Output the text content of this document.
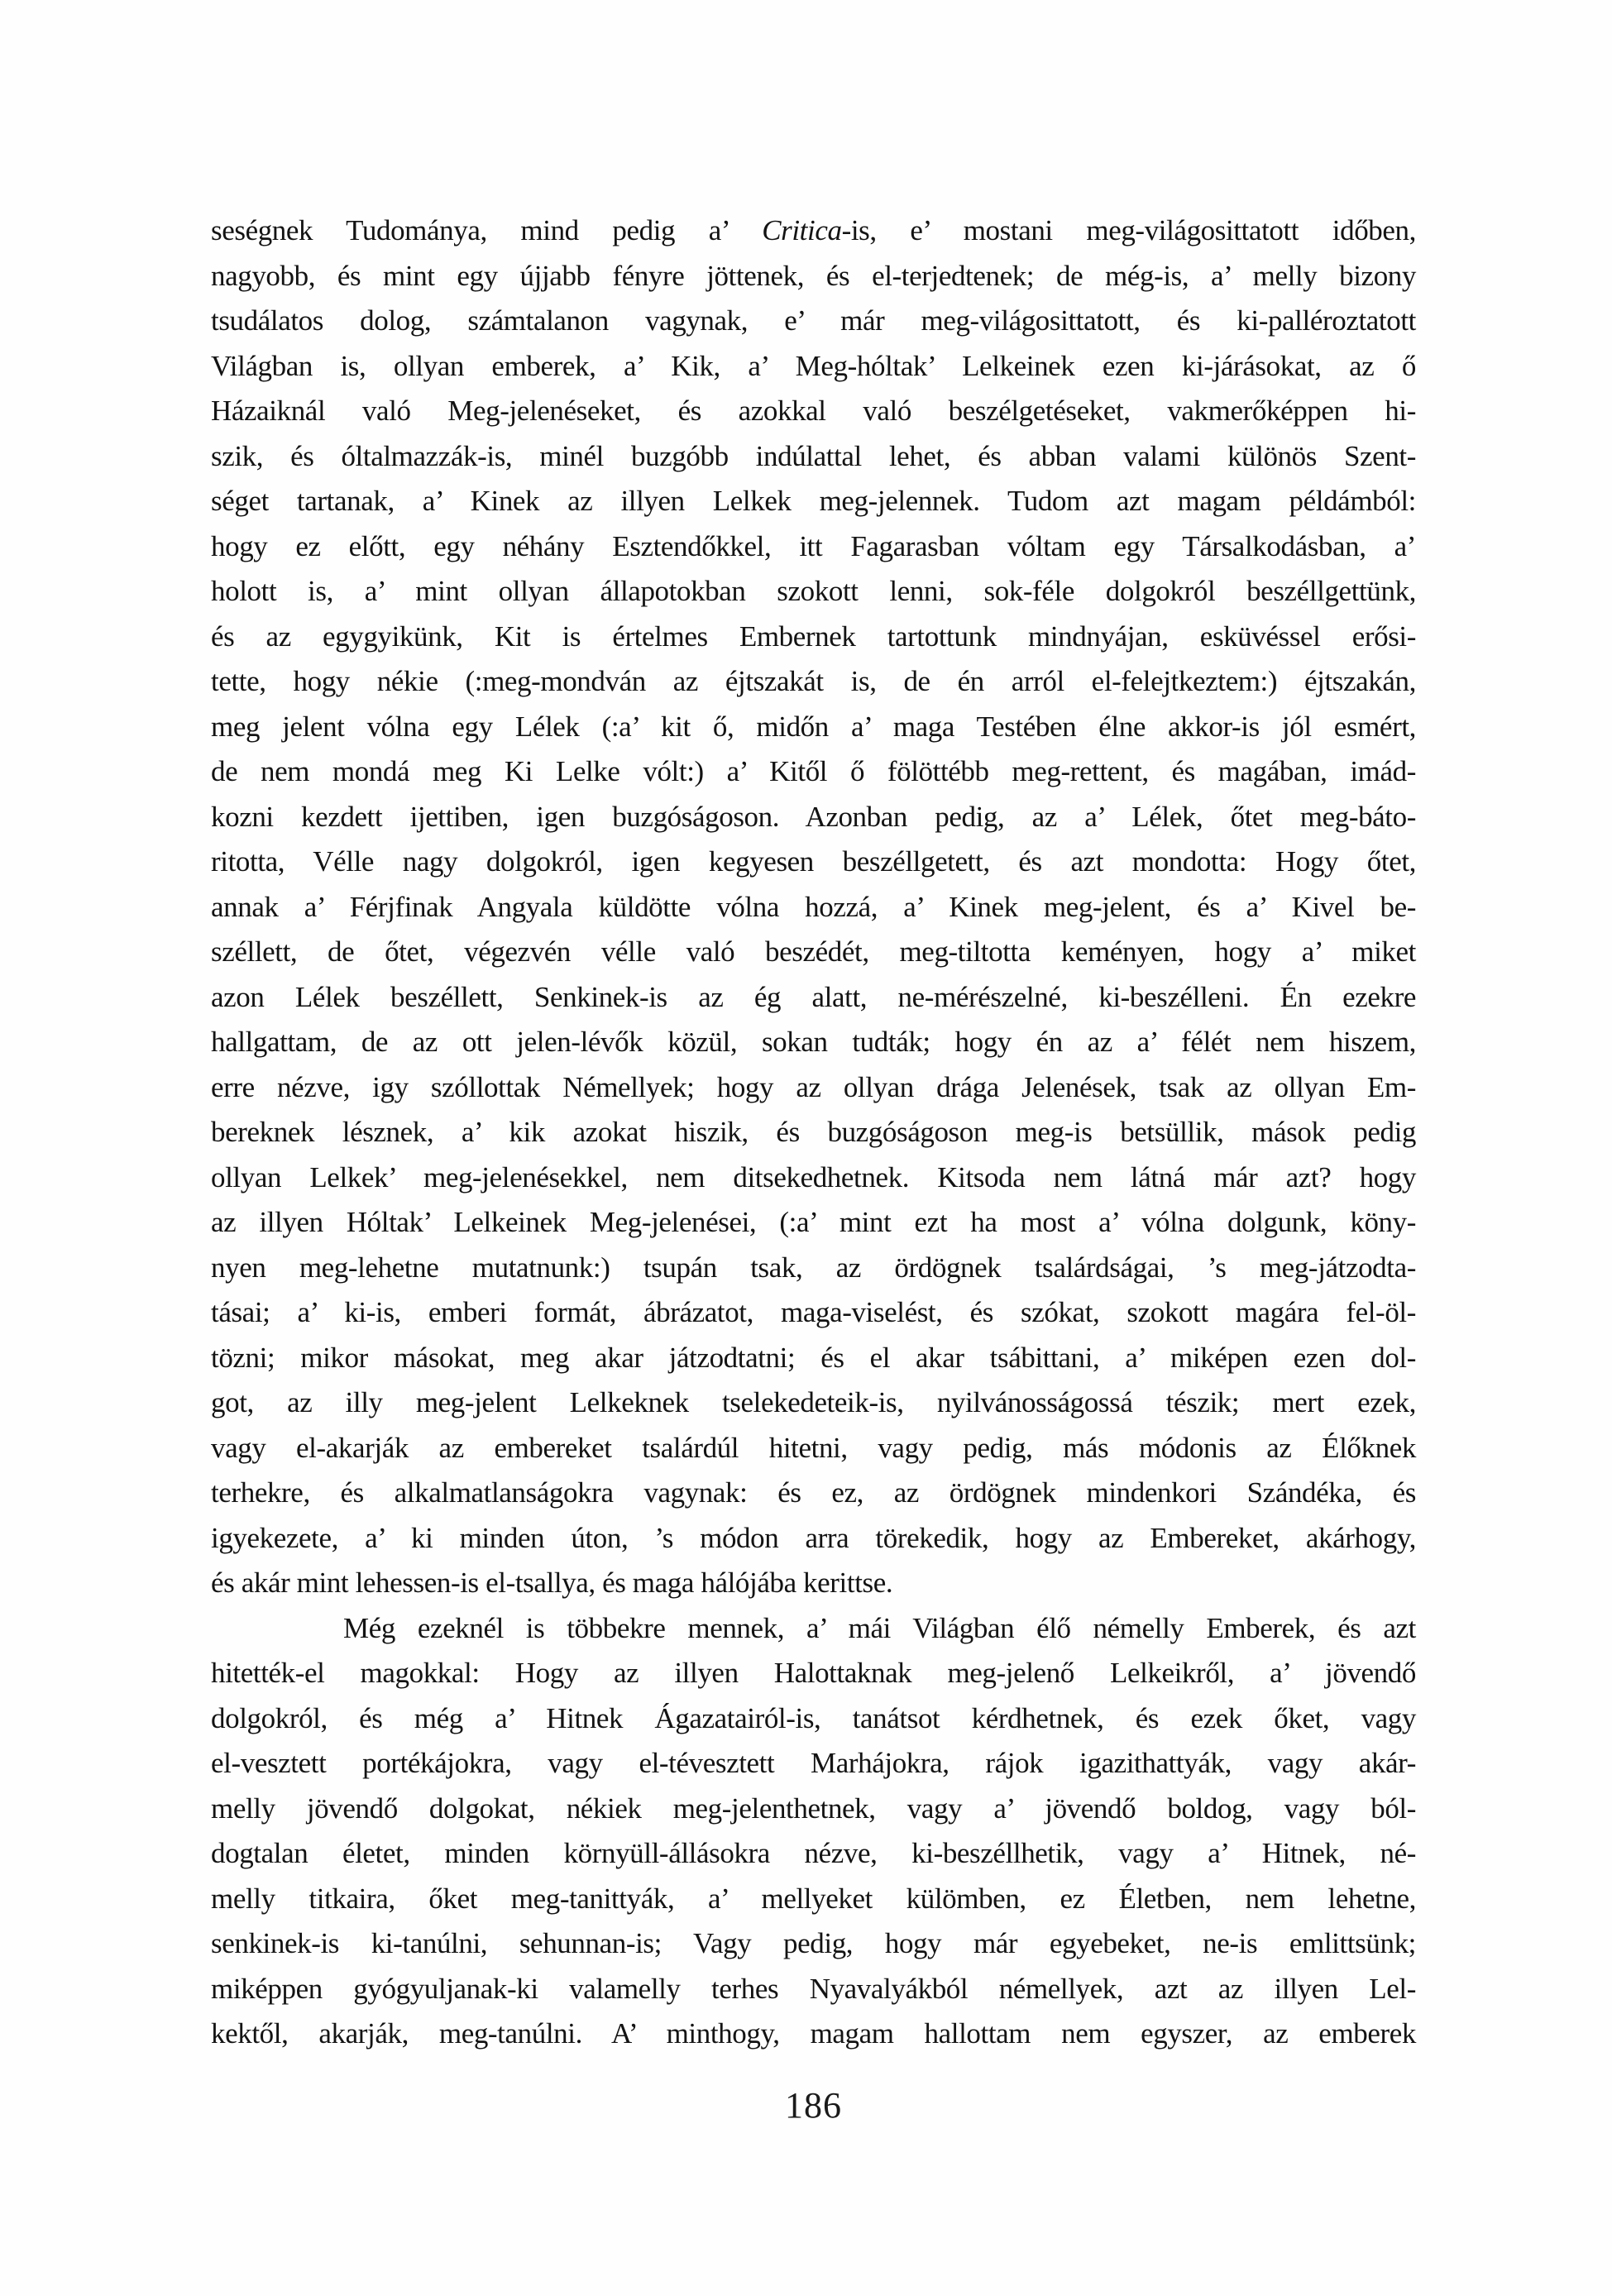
seségnek Tudománya, mind pedig a’ Critica-is, e’ mostani meg-világosittatott időben,
nagyobb, és mint egy újjabb fényre jöttenek, és el-terjedtenek; de még-is, a’ melly bizony
tsudálatos dolog, számtalanon vagynak, e’ már meg-világosittatott, és ki-palléroztatott
Világban is, ollyan emberek, a’ Kik, a’ Meg-hóltak’ Lelkeinek ezen ki-járásokat, az ő
Házaiknál való Meg-jelenéseket, és azokkal való beszélgetéseket, vakmerőképpen hi-
szik, és óltalmazzák-is, minél buzgóbb indúlattal lehet, és abban valami különös Szent-
séget tartanak, a’ Kinek az illyen Lelkek meg-jelennek. Tudom azt magam példámból:
hogy ez előtt, egy néhány Esztendőkkel, itt Fagarasban vóltam egy Társalkodásban, a’
holott is, a’ mint ollyan állapotokban szokott lenni, sok-féle dolgokról beszéllgettünk,
és az egygyikünk, Kit is értelmes Embernek tartottunk mindnyájan, esküvéssel erősi-
tette, hogy nékie (:meg-mondván az éjtszakát is, de én arról el-felejtkeztem:) éjtszakán,
meg jelent vólna egy Lélek (:a’ kit ő, midőn a’ maga Testében élne akkor-is jól esmért,
de nem mondá meg Ki Lelke vólt:) a’ Kitől ő fölöttébb meg-rettent, és magában, imád-
kozni kezdett ijettiben, igen buzgóságoson. Azonban pedig, az a’ Lélek, őtet meg-báto-
ritotta, Vélle nagy dolgokról, igen kegyesen beszéllgetett, és azt mondotta: Hogy őtet,
annak a’ Férjfinak Angyala küldötte vólna hozzá, a’ Kinek meg-jelent, és a’ Kivel be-
széllett, de őtet, végezvén vélle való beszédét, meg-tiltotta keményen, hogy a’ miket
azon Lélek beszéllett, Senkinek-is az ég alatt, ne-mérészelné, ki-beszélleni. Én ezekre
hallgattam, de az ott jelen-lévők közül, sokan tudták; hogy én az a’ félét nem hiszem,
erre nézve, igy szóllottak Némellyek; hogy az ollyan drága Jelenések, tsak az ollyan Em-
bereknek lésznek, a’ kik azokat hiszik, és buzgóságoson meg-is betsüllik, mások pedig
ollyan Lelkek’ meg-jelenésekkel, nem ditsekedhetnek. Kitsoda nem látná már azt? hogy
az illyen Hóltak’ Lelkeinek Meg-jelenései, (:a’ mint ezt ha most a’ vólna dolgunk, köny-
nyen meg-lehetne mutatnunk:) tsupán tsak, az ördögnek tsalárdságai, ’s meg-játzodta-
tásai; a’ ki-is, emberi formát, ábrázatot, maga-viselést, és szókat, szokott magára fel-öl-
tözni; mikor másokat, meg akar játzodtatni; és el akar tsábittani, a’ miképen ezen dol-
got, az illy meg-jelent Lelkeknek tselekedeteik-is, nyilvánosságossá tészik; mert ezek,
vagy el-akarják az embereket tsalárdúl hitetni, vagy pedig, más módonis az Élőknek
terhekre, és alkalmatlanságokra vagynak: és ez, az ördögnek mindenkori Szándéka, és
igyekezete, a’ ki minden úton, ’s módon arra törekedik, hogy az Embereket, akárhogy,
és akár mint lehessen-is el-tsallya, és maga hálójába kerittse.
Még ezeknél is többekre mennek, a’ mái Világban élő némelly Emberek, és azt
hitették-el magokkal: Hogy az illyen Halottaknak meg-jelenő Lelkeikről, a’ jövendő
dolgokról, és még a’ Hitnek Ágazatairól-is, tanátsot kérdhetnek, és ezek őket, vagy
el-vesztett portékájokra, vagy el-tévesztett Marhájokra, rájok igazithattyák, vagy akár-
melly jövendő dolgokat, nékiek meg-jelenthetnek, vagy a’ jövendő boldog, vagy ból-
dogtalan életet, minden környüll-állásokra nézve, ki-beszéllhetik, vagy a’ Hitnek, né-
melly titkaira, őket meg-tanittyák, a’ mellyeket külömben, ez Életben, nem lehetne,
senkinek-is ki-tanúlni, sehunnan-is; Vagy pedig, hogy már egyebeket, ne-is emlittsünk;
miképpen gyógyuljanak-ki valamelly terhes Nyavalyákból némellyek, azt az illyen Lel-
kektől, akarják, meg-tanúlni. A’ minthogy, magam hallottam nem egyszer, az emberek
186
